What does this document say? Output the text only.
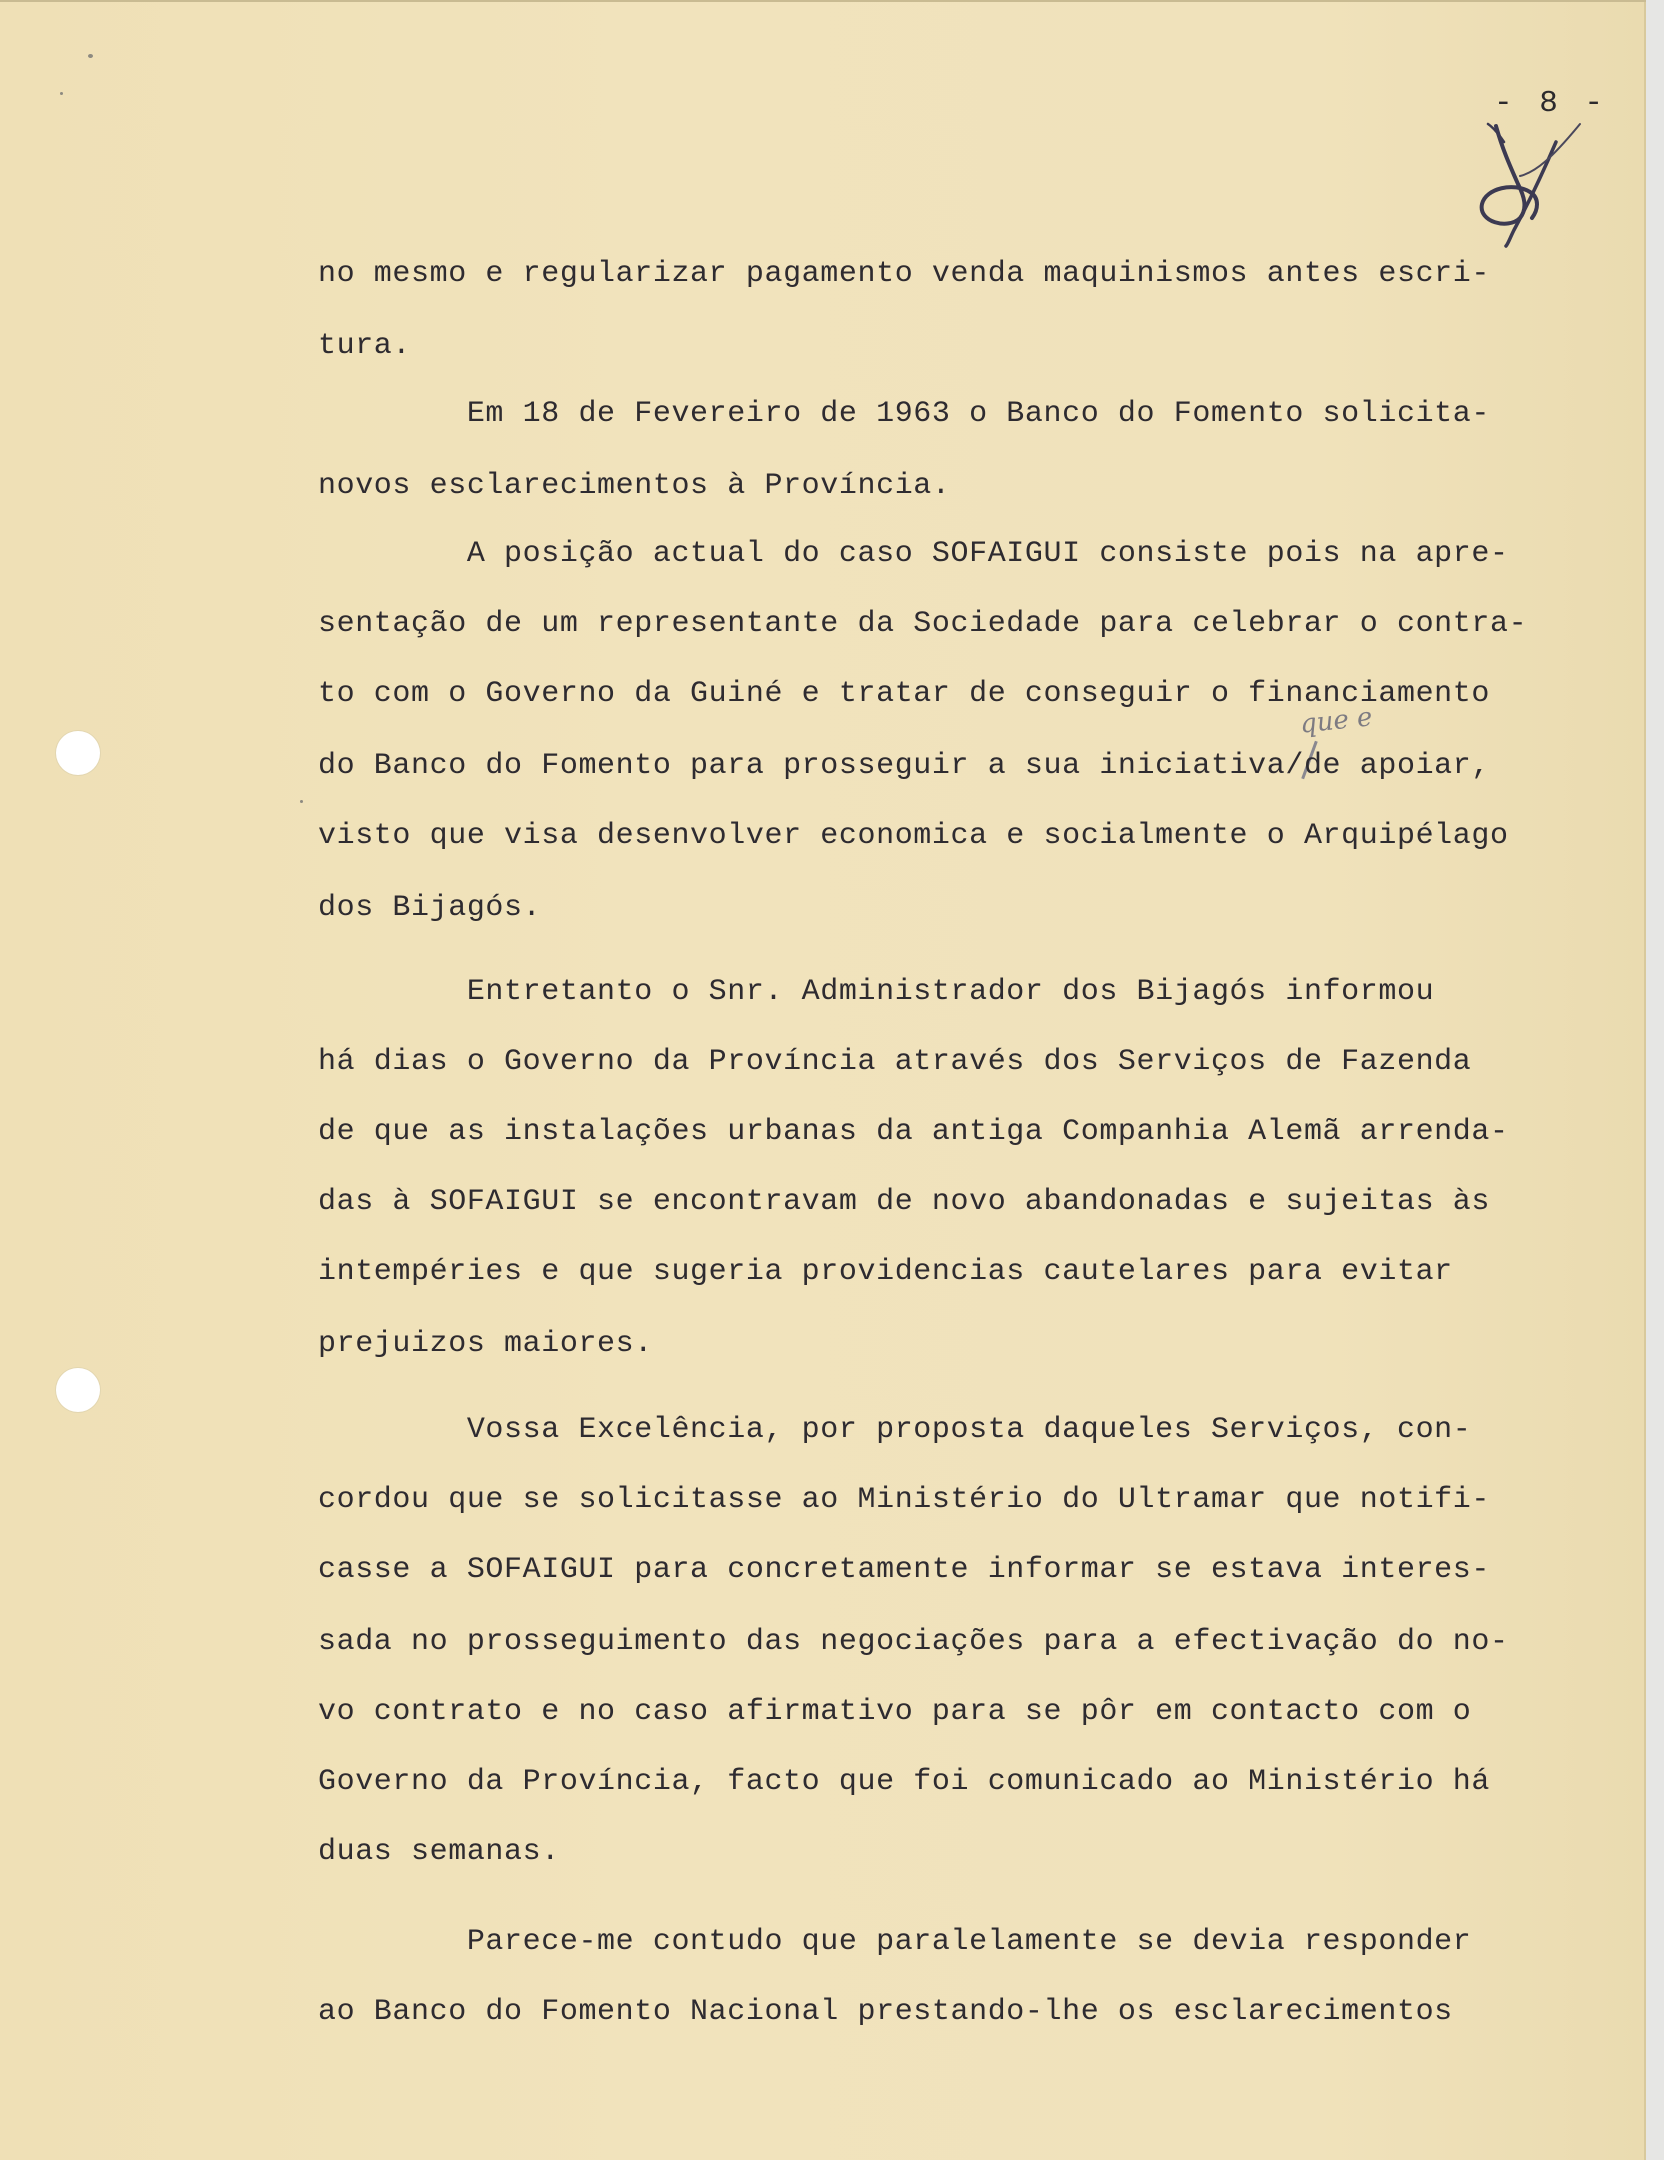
- 8 -
que e
no mesmo e regularizar pagamento venda maquinismos antes escri-
tura.
Em 18 de Fevereiro de 1963 o Banco do Fomento solicita-
novos esclarecimentos à Província.
A posição actual do caso SOFAIGUI consiste pois na apre-
sentação de um representante da Sociedade para celebrar o contra-
to com o Governo da Guiné e tratar de conseguir o financiamento
do Banco do Fomento para prosseguir a sua iniciativa/de apoiar,
visto que visa desenvolver economica e socialmente o Arquipélago
dos Bijagós.
Entretanto o Snr. Administrador dos Bijagós informou
há dias o Governo da Província através dos Serviços de Fazenda
de que as instalações urbanas da antiga Companhia Alemã arrenda-
das à SOFAIGUI se encontravam de novo abandonadas e sujeitas às
intempéries e que sugeria providencias cautelares para evitar
prejuizos maiores.
Vossa Excelência, por proposta daqueles Serviços, con-
cordou que se solicitasse ao Ministério do Ultramar que notifi-
casse a SOFAIGUI para concretamente informar se estava interes-
sada no prosseguimento das negociações para a efectivação do no-
vo contrato e no caso afirmativo para se pôr em contacto com o
Governo da Província, facto que foi comunicado ao Ministério há
duas semanas.
Parece-me contudo que paralelamente se devia responder
ao Banco do Fomento Nacional prestando-lhe os esclarecimentos
